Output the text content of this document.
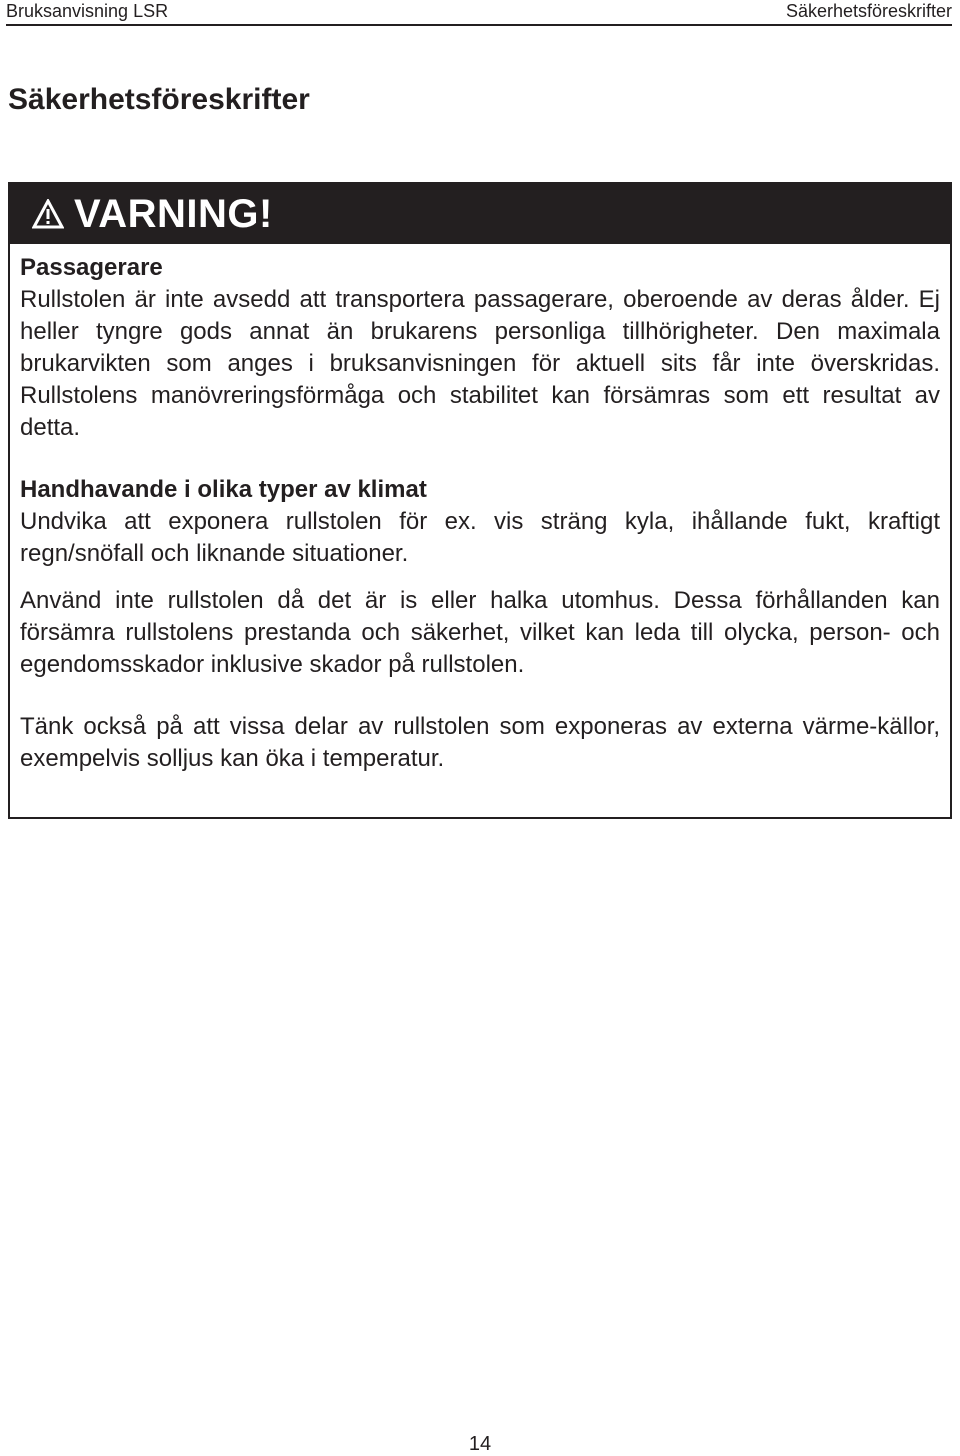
Bruksanvisning LSR	Säkerhetsföreskrifter
Säkerhetsföreskrifter
VARNING!
Passagerare

Rullstolen är inte avsedd att transportera passagerare, oberoende av deras ålder. Ej heller tyngre gods annat än brukarens personliga tillhörigheter. Den maximala brukarvikten som anges i bruksanvisningen för aktuell sits får inte överskridas. Rullstolens manövreringsförmåga och stabilitet kan försämras som ett resultat av detta.

Handhavande i olika typer av klimat

Undvika att exponera rullstolen för ex. vis sträng kyla, ihållande fukt, kraftigt regn/snöfall och liknande situationer.

Använd inte rullstolen då det är is eller halka utomhus. Dessa förhållanden kan försämra rullstolens prestanda och säkerhet, vilket kan leda till olycka, person- och egendomsskador inklusive skador på rullstolen.

Tänk också på att vissa delar av rullstolen som exponeras av externa värme-källor, exempelvis solljus kan öka i temperatur.

14
